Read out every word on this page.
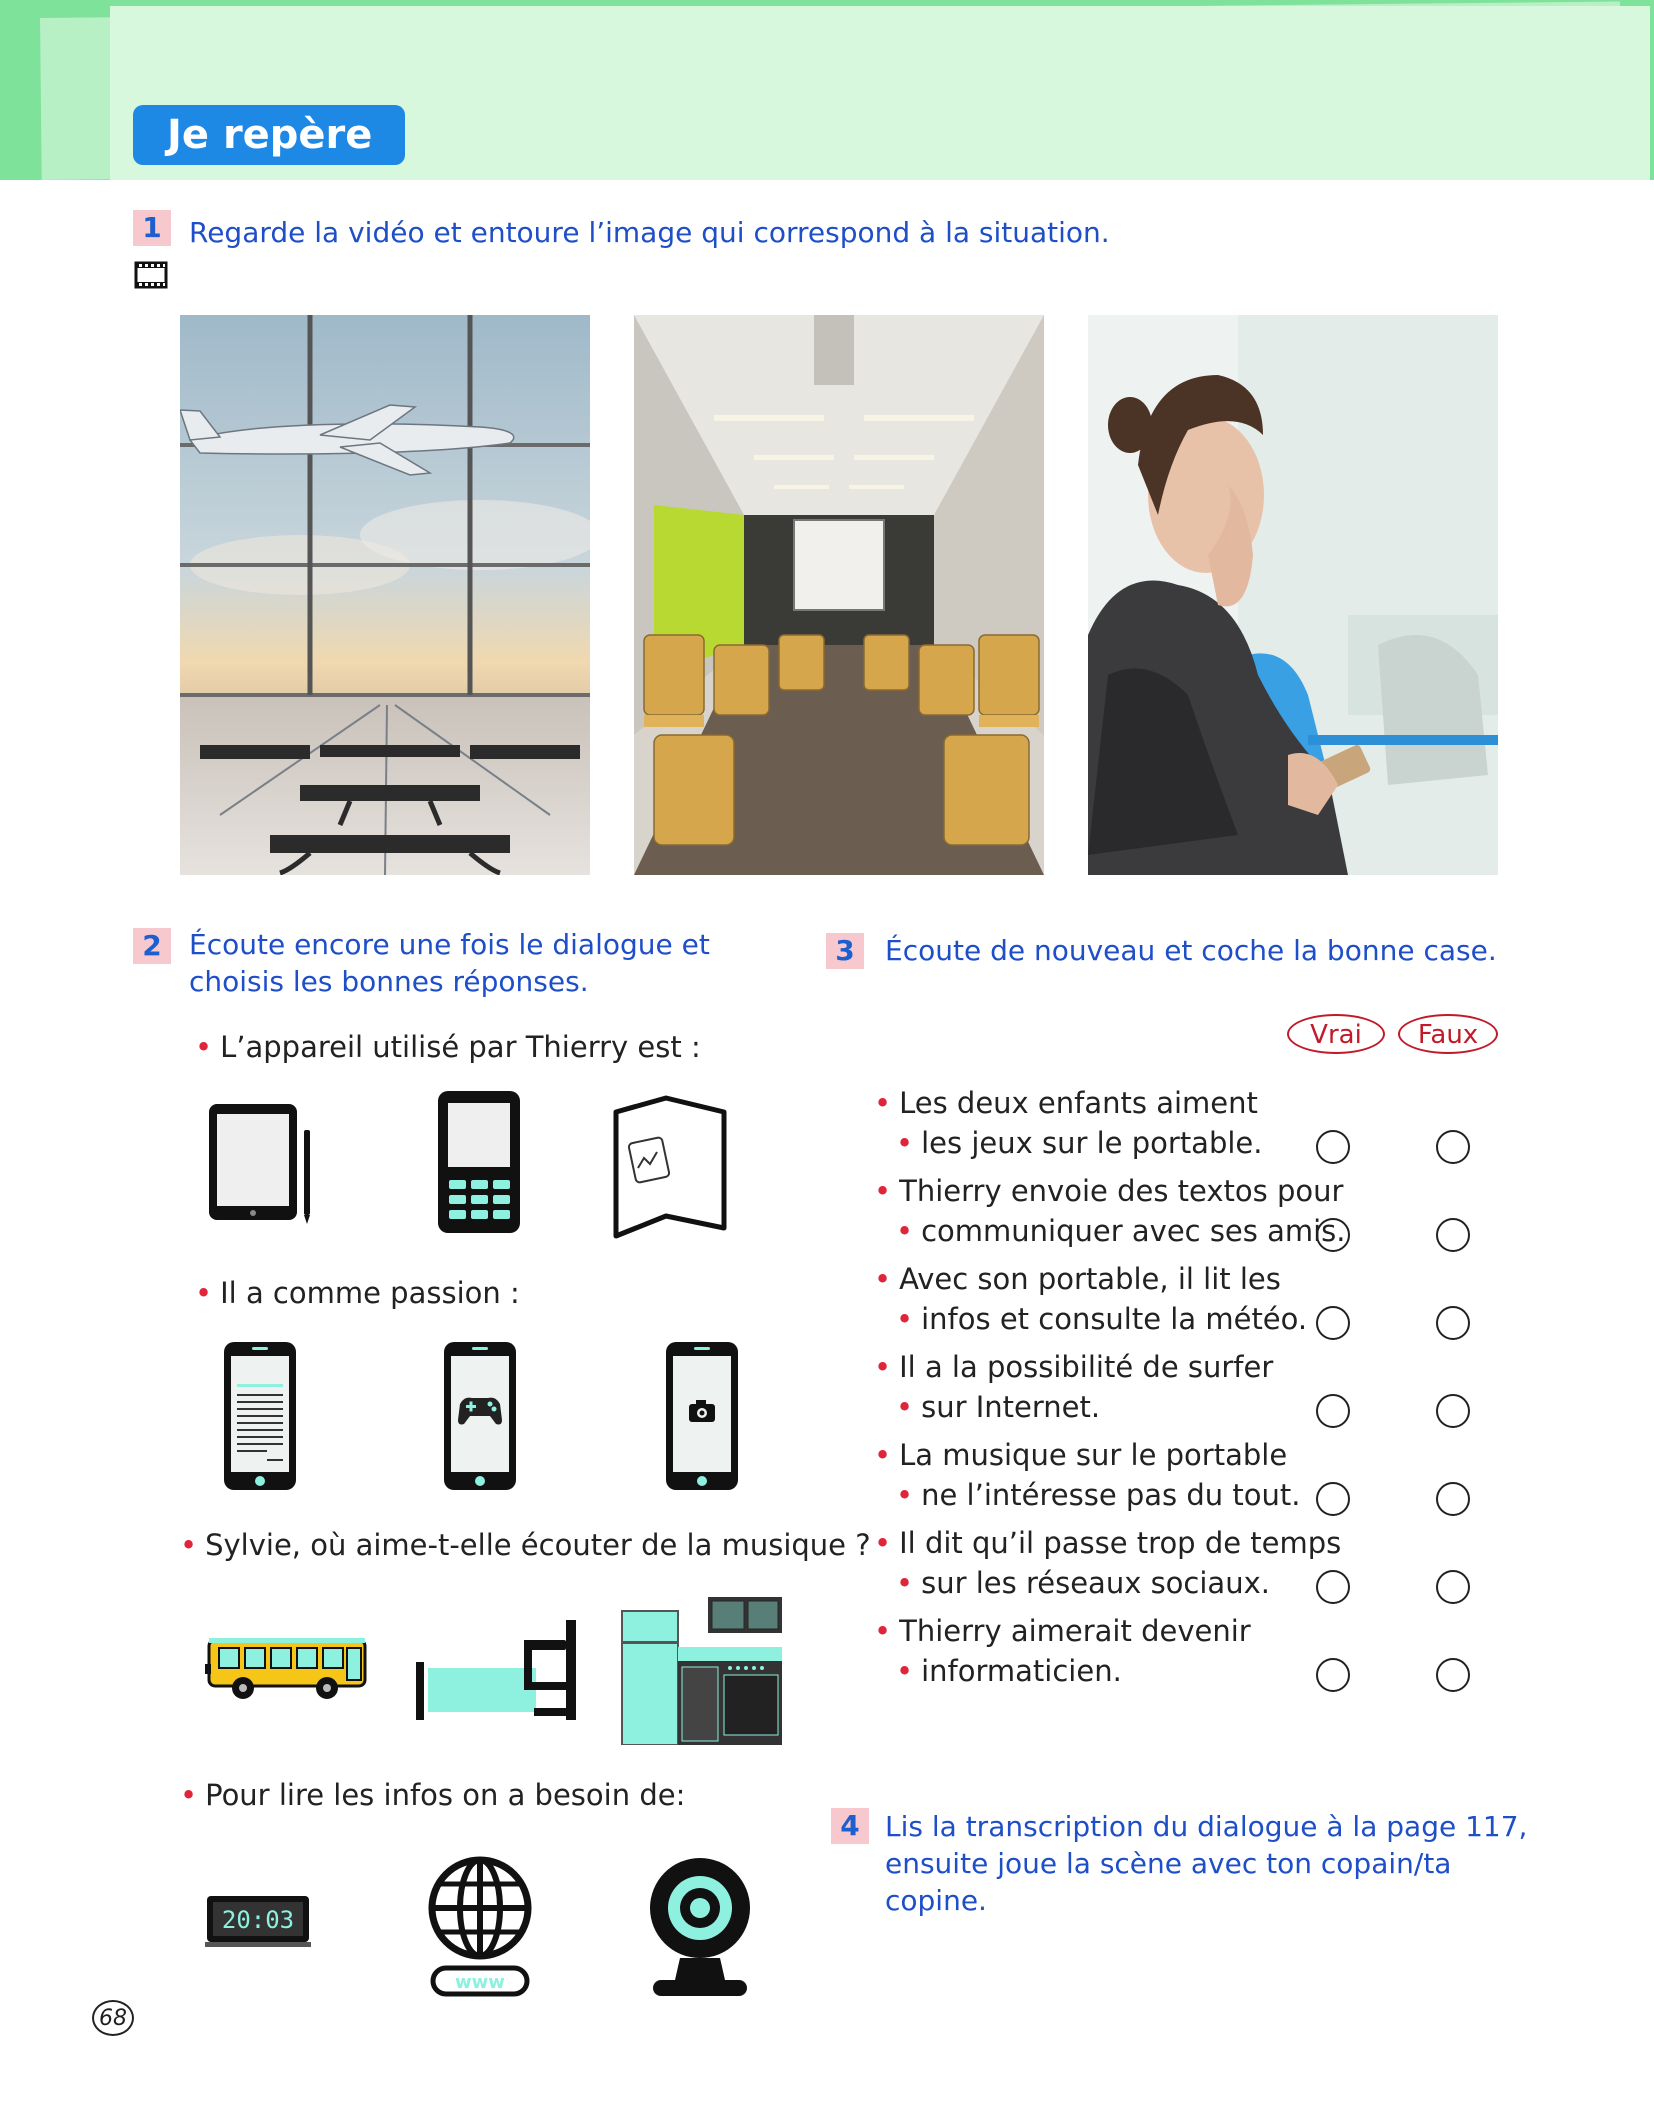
Je repère
1 Regarde la vidéo et entoure l’image qui correspond à la situation.
2 Écoute encore une fois le dialogue et
choisis les bonnes réponses.
• L’appareil utilisé par Thierry est :
• Il a comme passion :
• Sylvie, où aime-t-elle écouter de la musique ?
• Pour lire les infos on a besoin de:
20:03
www
3	Écoute de nouveau et coche la bonne case.
Vrai	Faux
• Les deux enfants aiment
• les jeux sur le portable.
• Thierry envoie des textos pour
• communiquer avec ses amis.
• Avec son portable, il lit les
• infos et consulte la météo.
• Il a la possibilité de surfer
• sur Internet.
• La musique sur le portable
• ne l’intéresse pas du tout.
• Il dit qu’il passe trop de temps
• sur les réseaux sociaux.
• Thierry aimerait devenir
• informaticien.
4 Lis la transcription du dialogue à la page 117,
ensuite joue la scène avec ton copain/ta
copine.
68
